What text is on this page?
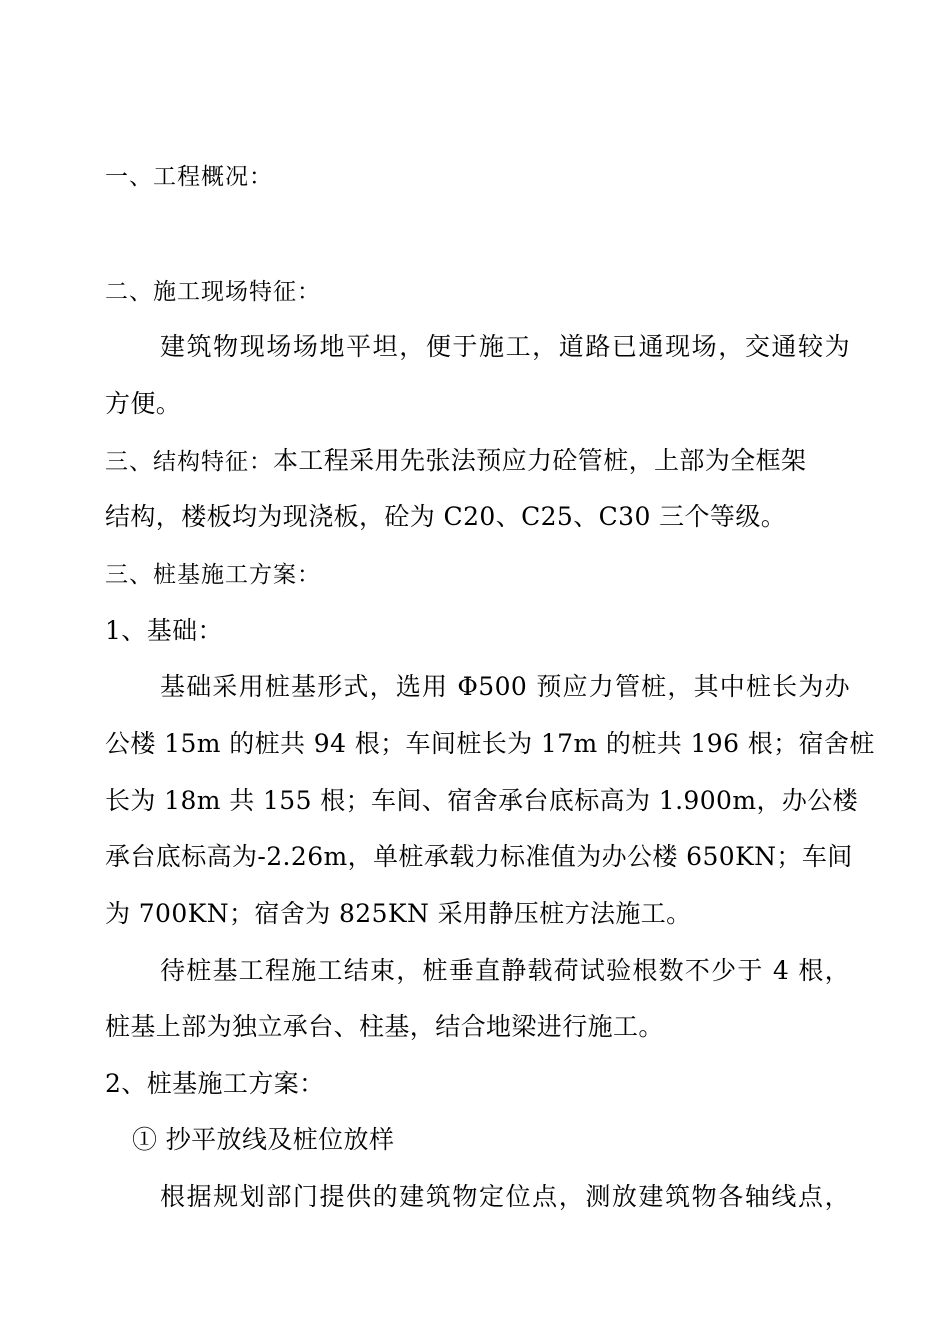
一、工程概况：
二、施工现场特征：
建筑物现场场地平坦，便于施工，道路已通现场，交通较为
方便。
三、结构特征：本工程采用先张法预应力砼管桩，上部为全框架
结构，楼板均为现浇板，砼为 C20、C25、C30 三个等级。
三、桩基施工方案：
1、基础：
基础采用桩基形式，选用 Φ500 预应力管桩，其中桩长为办
公楼 15m 的桩共 94 根；车间桩长为 17m 的桩共 196 根；宿舍桩
长为 18m 共 155 根；车间、宿舍承台底标高为 1.900m，办公楼
承台底标高为-2.26m，单桩承载力标准值为办公楼 650KN；车间
为 700KN；宿舍为 825KN 采用静压桩方法施工。
待桩基工程施工结束，桩垂直静载荷试验根数不少于 4 根，
桩基上部为独立承台、柱基，结合地梁进行施工。
2、桩基施工方案：
① 抄平放线及桩位放样
根据规划部门提供的建筑物定位点，测放建筑物各轴线点，
